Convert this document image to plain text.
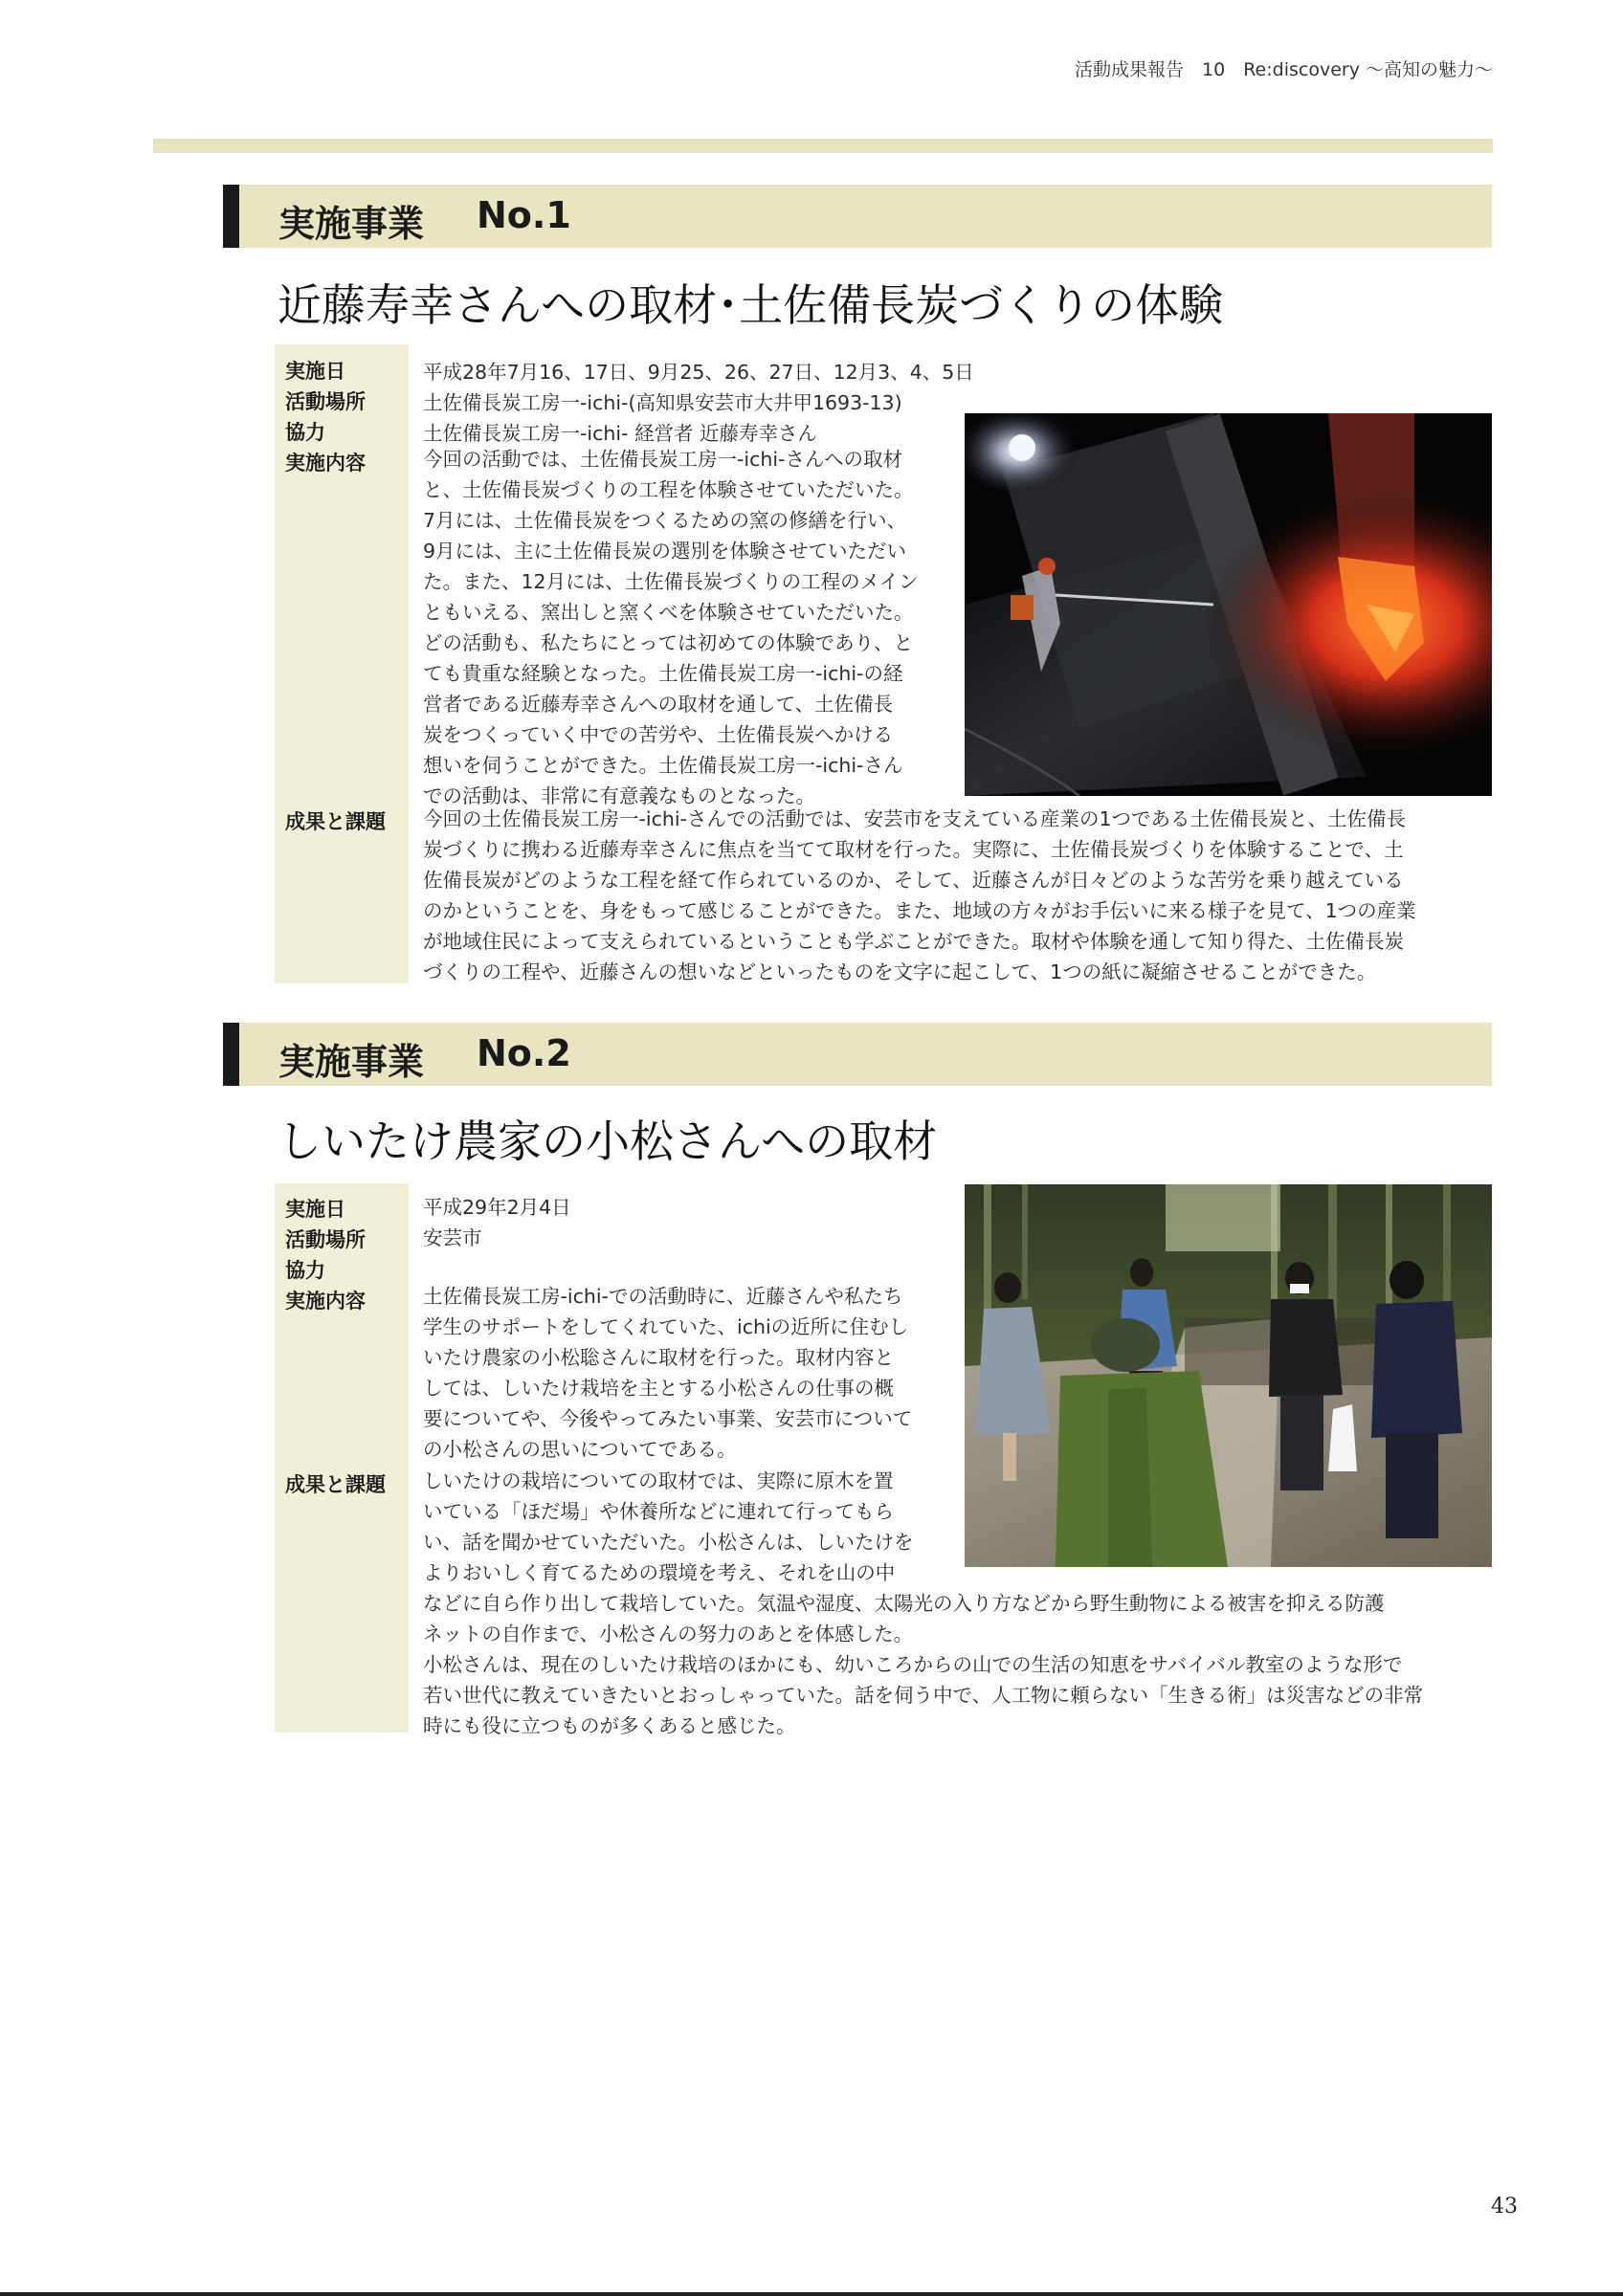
活動成果報告　10　Re:discovery 〜高知の魅力〜
実施事業 No.1
近藤寿幸さんへの取材･土佐備長炭づくりの体験
実施日
活動場所
協力
実施内容
成果と課題
平成28年7月16、17日、9月25、26、27日、12月3、4、5日
土佐備長炭工房一-ichi-(高知県安芸市大井甲1693-13)
土佐備長炭工房一-ichi- 経営者 近藤寿幸さん
今回の活動では、土佐備長炭工房一-ichi-さんへの取材
と、土佐備長炭づくりの工程を体験させていただいた。
7月には、土佐備長炭をつくるための窯の修繕を行い、
9月には、主に土佐備長炭の選別を体験させていただい
た。また、12月には、土佐備長炭づくりの工程のメイン
ともいえる、窯出しと窯くべを体験させていただいた。
どの活動も、私たちにとっては初めての体験であり、と
ても貴重な経験となった。土佐備長炭工房一-ichi-の経
営者である近藤寿幸さんへの取材を通して、土佐備長
炭をつくっていく中での苦労や、土佐備長炭へかける
想いを伺うことができた。土佐備長炭工房一-ichi-さん
での活動は、非常に有意義なものとなった。
今回の土佐備長炭工房一-ichi-さんでの活動では、安芸市を支えている産業の1つである土佐備長炭と、土佐備長
炭づくりに携わる近藤寿幸さんに焦点を当てて取材を行った。実際に、土佐備長炭づくりを体験することで、土
佐備長炭がどのような工程を経て作られているのか、そして、近藤さんが日々どのような苦労を乗り越えている
のかということを、身をもって感じることができた。また、地域の方々がお手伝いに来る様子を見て、1つの産業
が地域住民によって支えられているということも学ぶことができた。取材や体験を通して知り得た、土佐備長炭
づくりの工程や、近藤さんの想いなどといったものを文字に起こして、1つの紙に凝縮させることができた。
実施事業 No.2
しいたけ農家の小松さんへの取材
実施日
活動場所
協力
実施内容
成果と課題
平成29年2月4日
安芸市
土佐備長炭工房-ichi-での活動時に、近藤さんや私たち
学生のサポートをしてくれていた、ichiの近所に住むし
いたけ農家の小松聡さんに取材を行った。取材内容と
しては、しいたけ栽培を主とする小松さんの仕事の概
要についてや、今後やってみたい事業、安芸市について
の小松さんの思いについてである。
しいたけの栽培についての取材では、実際に原木を置
いている「ほだ場」や休養所などに連れて行ってもら
い、話を聞かせていただいた。小松さんは、しいたけを
よりおいしく育てるための環境を考え、それを山の中
などに自ら作り出して栽培していた。気温や湿度、太陽光の入り方などから野生動物による被害を抑える防護
ネットの自作まで、小松さんの努力のあとを体感した。
小松さんは、現在のしいたけ栽培のほかにも、幼いころからの山での生活の知恵をサバイバル教室のような形で
若い世代に教えていきたいとおっしゃっていた。話を伺う中で、人工物に頼らない「生きる術」は災害などの非常
時にも役に立つものが多くあると感じた。
43
